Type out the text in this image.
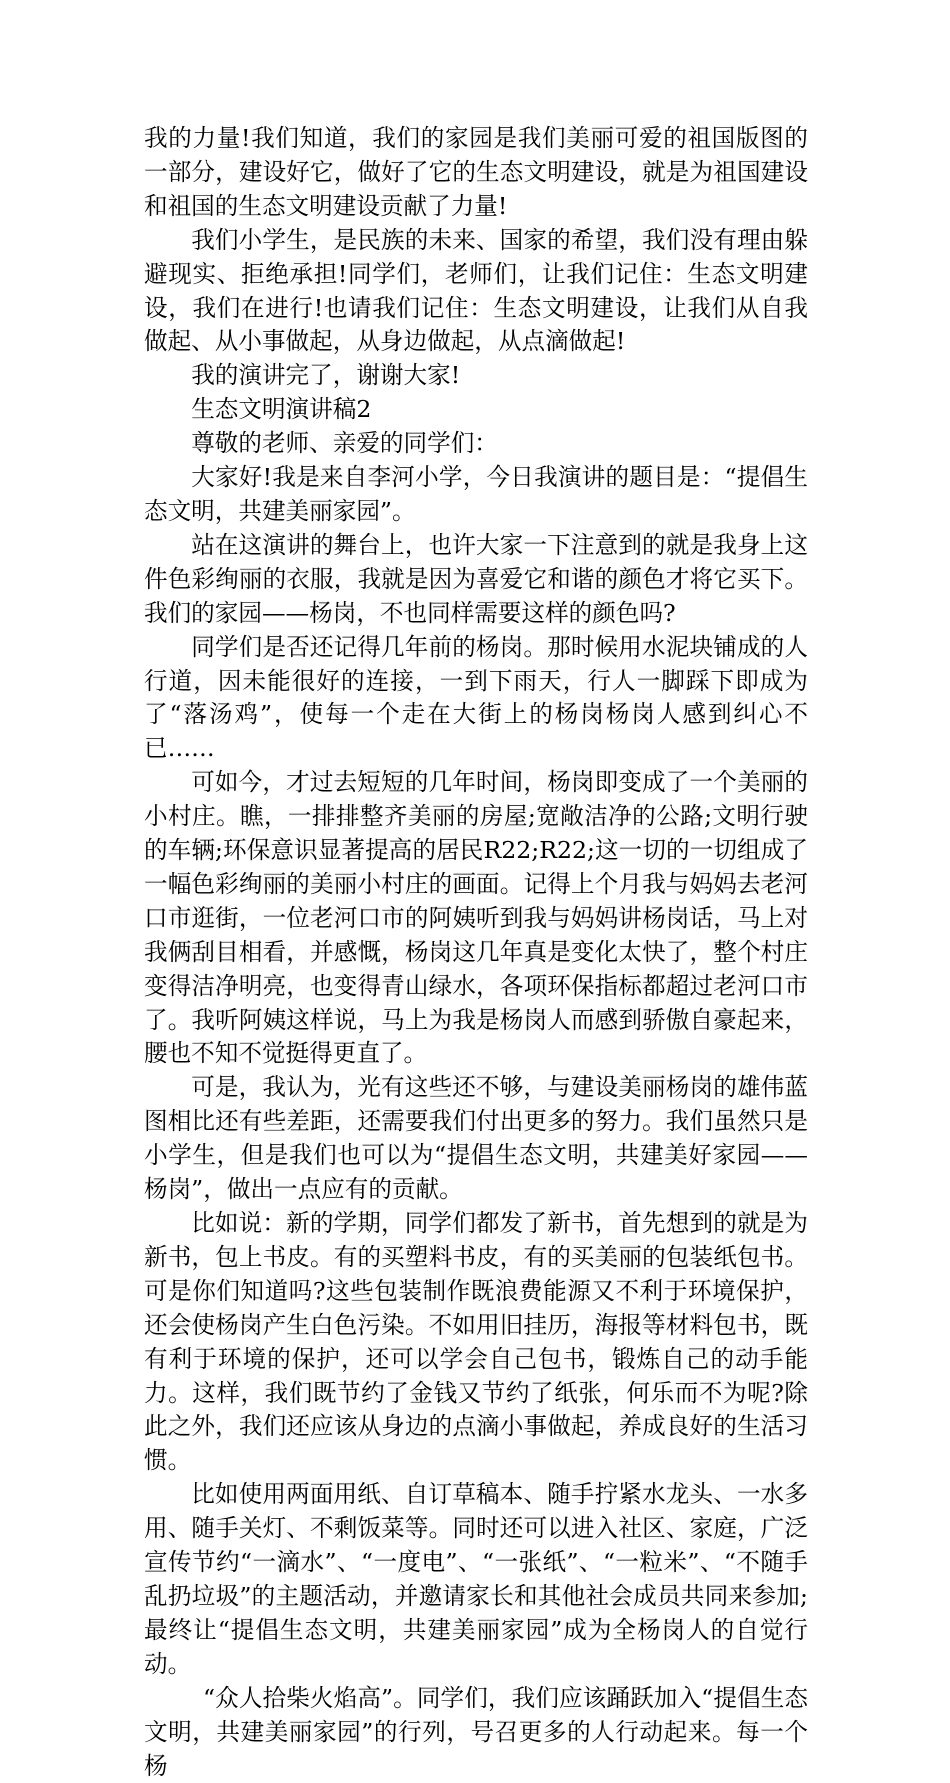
我的力量!我们知道，我们的家园是我们美丽可爱的祖国版图的一部分，建设好它，做好了它的生态文明建设，就是为祖国建设和祖国的生态文明建设贡献了力量!

我们小学生，是民族的未来、国家的希望，我们没有理由躲避现实、拒绝承担!同学们，老师们，让我们记住：生态文明建设，我们在进行!也请我们记住：生态文明建设，让我们从自我做起、从小事做起，从身边做起，从点滴做起!

我的演讲完了，谢谢大家!

生态文明演讲稿2

尊敬的老师、亲爱的同学们：

大家好!我是来自李河小学，今日我演讲的题目是：“提倡生态文明，共建美丽家园”。

站在这演讲的舞台上，也许大家一下注意到的就是我身上这件色彩绚丽的衣服，我就是因为喜爱它和谐的颜色才将它买下。我们的家园——杨岗，不也同样需要这样的颜色吗?

同学们是否还记得几年前的杨岗。那时候用水泥块铺成的人行道，因未能很好的连接，一到下雨天，行人一脚踩下即成为了“落汤鸡”，使每一个走在大街上的杨岗杨岗人感到纠心不已……

可如今，才过去短短的几年时间，杨岗即变成了一个美丽的小村庄。瞧，一排排整齐美丽的房屋;宽敞洁净的公路;文明行驶的车辆;环保意识显著提高的居民R22;R22;这一切的一切组成了一幅色彩绚丽的美丽小村庄的画面。记得上个月我与妈妈去老河口市逛街，一位老河口市的阿姨听到我与妈妈讲杨岗话，马上对我俩刮目相看，并感慨，杨岗这几年真是变化太快了，整个村庄变得洁净明亮，也变得青山绿水，各项环保指标都超过老河口市了。我听阿姨这样说，马上为我是杨岗人而感到骄傲自豪起来，腰也不知不觉挺得更直了。

可是，我认为，光有这些还不够，与建设美丽杨岗的雄伟蓝图相比还有些差距，还需要我们付出更多的努力。我们虽然只是小学生，但是我们也可以为“提倡生态文明，共建美好家园——杨岗”，做出一点应有的贡献。

比如说：新的学期，同学们都发了新书，首先想到的就是为新书，包上书皮。有的买塑料书皮，有的买美丽的包装纸包书。可是你们知道吗?这些包装制作既浪费能源又不利于环境保护，还会使杨岗产生白色污染。不如用旧挂历，海报等材料包书，既有利于环境的保护，还可以学会自己包书，锻炼自己的动手能力。这样，我们既节约了金钱又节约了纸张，何乐而不为呢?除此之外，我们还应该从身边的点滴小事做起，养成良好的生活习惯。

比如使用两面用纸、自订草稿本、随手拧紧水龙头、一水多用、随手关灯、不剩饭菜等。同时还可以进入社区、家庭，广泛宣传节约“一滴水”、“一度电”、“一张纸”、“一粒米”、“不随手乱扔垃圾”的主题活动，并邀请家长和其他社会成员共同来参加;最终让“提倡生态文明，共建美丽家园”成为全杨岗人的自觉行动。

“众人拾柴火焰高”。同学们，我们应该踊跃加入“提倡生态文明，共建美丽家园”的行列，号召更多的人行动起来。每一个杨
